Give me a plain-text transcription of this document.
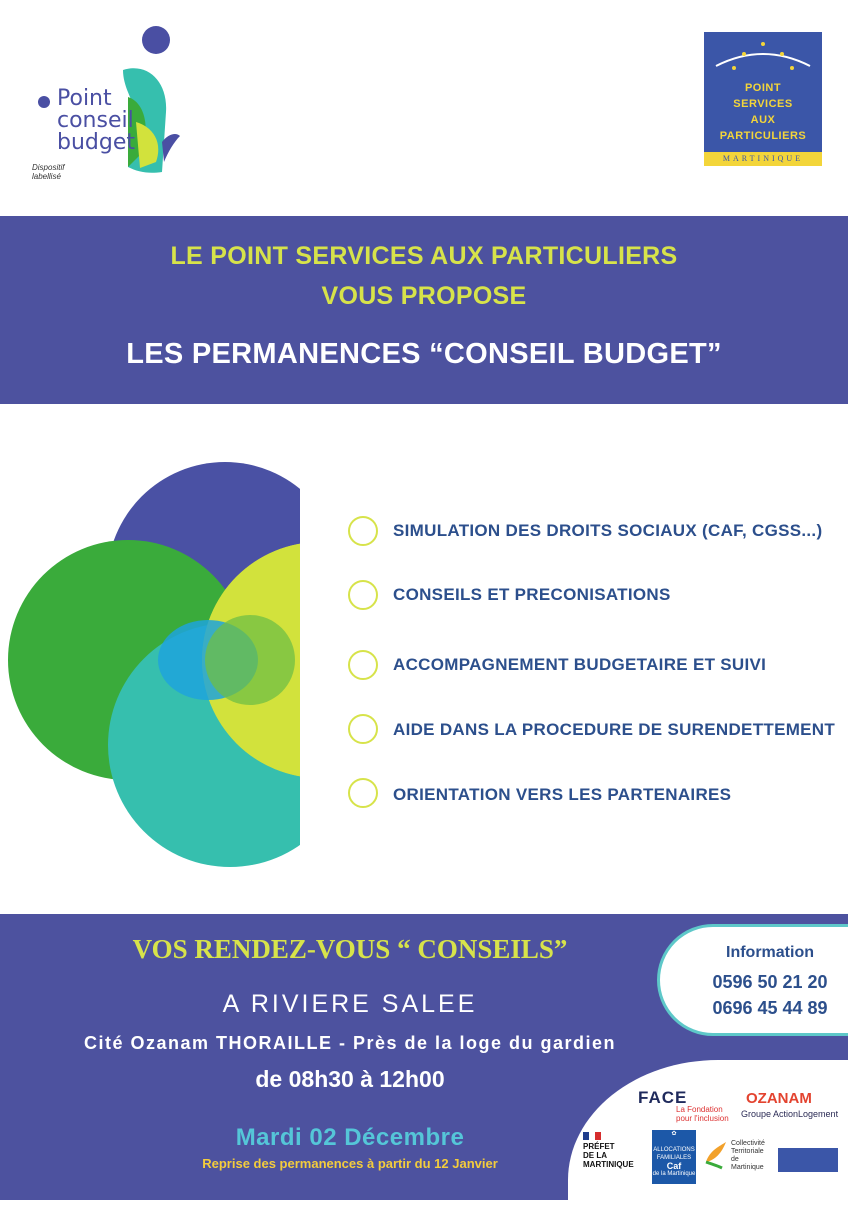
Point
conseil
budget
Dispositif labellisé
POINT
SERVICES
AUX
PARTICULIERS
MARTINIQUE
LE POINT SERVICES AUX PARTICULIERS
VOUS PROPOSE
LES PERMANENCES “CONSEIL BUDGET”
SIMULATION DES DROITS SOCIAUX (CAF, CGSS...)
CONSEILS ET PRECONISATIONS
ACCOMPAGNEMENT BUDGETAIRE ET SUIVI
AIDE DANS LA PROCEDURE DE SURENDETTEMENT
ORIENTATION VERS LES PARTENAIRES
VOS RENDEZ-VOUS “ CONSEILS”
A RIVIERE SALEE
Cité Ozanam THORAILLE - Près de la loge du gardien
de 08h30 à 12h00
Mardi 02 Décembre
Reprise des permanences à partir du 12 Janvier
Information
0596 50 21 20
0696 45 44 89
FACE
La Fondation
pour l'inclusion
OZANAM
Groupe ActionLogement
PRÉFET
DE LA
MARTINIQUE
✿
ALLOCATIONS
FAMILIALES
Caf
de la Martinique
Collectivité
Territoriale
de Martinique
